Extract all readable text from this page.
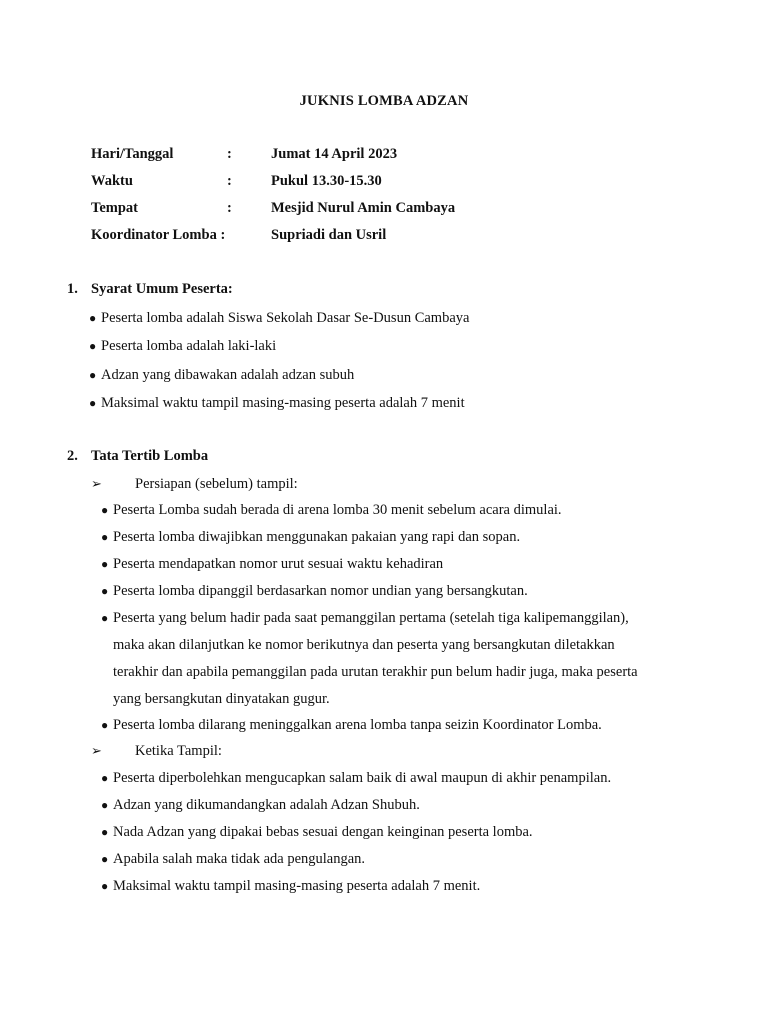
JUKNIS LOMBA ADZAN
Hari/Tanggal	:	Jumat 14 April 2023
Waktu	:	Pukul 13.30-15.30
Tempat	:	Mesjid Nurul Amin Cambaya
Koordinator Lomba :	Supriadi dan Usril
1. Syarat Umum Peserta:
● Peserta lomba adalah Siswa Sekolah Dasar Se-Dusun Cambaya
● Peserta lomba adalah laki-laki
● Adzan yang dibawakan adalah adzan subuh
● Maksimal waktu tampil masing-masing peserta adalah 7 menit
2. Tata Tertib Lomba
➢ Persiapan (sebelum) tampil:
● Peserta Lomba sudah berada di arena lomba 30 menit sebelum acara dimulai.
● Peserta lomba diwajibkan menggunakan pakaian yang rapi dan sopan.
● Peserta mendapatkan nomor urut sesuai waktu kehadiran
● Peserta lomba dipanggil berdasarkan nomor undian yang bersangkutan.
● Peserta yang belum hadir pada saat pemanggilan pertama (setelah tiga kalipemanggilan),
maka akan dilanjutkan ke nomor berikutnya dan peserta yang bersangkutan diletakkan
terakhir dan apabila pemanggilan pada urutan terakhir pun belum hadir juga, maka peserta
yang bersangkutan dinyatakan gugur.
● Peserta lomba dilarang meninggalkan arena lomba tanpa seizin Koordinator Lomba.
➢ Ketika Tampil:
● Peserta diperbolehkan mengucapkan salam baik di awal maupun di akhir penampilan.
● Adzan yang dikumandangkan adalah Adzan Shubuh.
● Nada Adzan yang dipakai bebas sesuai dengan keinginan peserta lomba.
● Apabila salah maka tidak ada pengulangan.
● Maksimal waktu tampil masing-masing peserta adalah 7 menit.
